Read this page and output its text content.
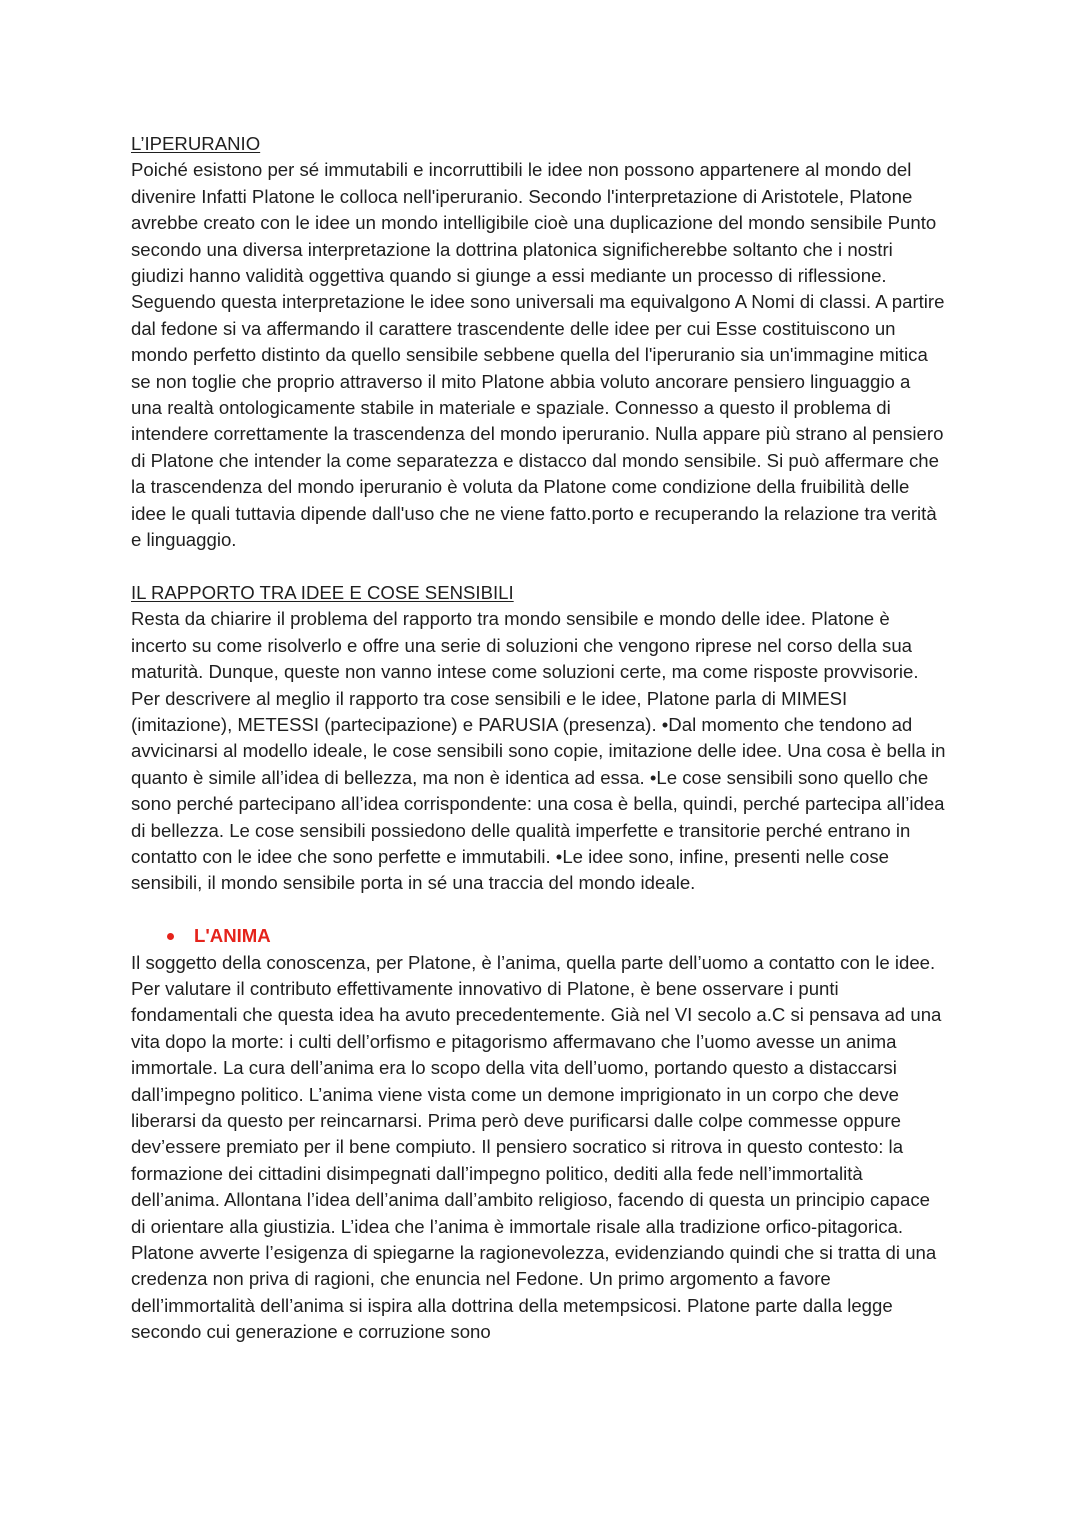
L’IPERURANIO

Poiché esistono per sé immutabili e incorruttibili le idee non possono appartenere al mondo del divenire Infatti Platone le colloca nell'iperuranio. Secondo l'interpretazione di Aristotele, Platone avrebbe creato con le idee un mondo intelligibile cioè una duplicazione del mondo sensibile Punto secondo una diversa interpretazione la dottrina platonica significherebbe soltanto che i nostri giudizi hanno validità oggettiva quando si giunge a essi mediante un processo di riflessione. Seguendo questa interpretazione le idee sono universali ma equivalgono A Nomi di classi. A partire dal fedone si va affermando il carattere trascendente delle idee per cui Esse costituiscono un mondo perfetto distinto da quello sensibile sebbene quella del l'iperuranio sia un'immagine mitica se non toglie che proprio attraverso il mito Platone abbia voluto ancorare pensiero linguaggio a una realtà ontologicamente stabile in materiale e spaziale. Connesso a questo il problema di intendere correttamente la trascendenza del mondo iperuranio. Nulla appare più strano al pensiero di Platone che intender la come separatezza e distacco dal mondo sensibile. Si può affermare che la trascendenza del mondo iperuranio è voluta da Platone come condizione della fruibilità delle idee le quali tuttavia dipende dall'uso che ne viene fatto.porto e recuperando la relazione tra verità e linguaggio.

IL RAPPORTO TRA IDEE E COSE SENSIBILI

Resta da chiarire il problema del rapporto tra mondo sensibile e mondo delle idee. Platone è incerto su come risolverlo e offre una serie di soluzioni che vengono riprese nel corso della sua maturità. Dunque, queste non vanno intese come soluzioni certe, ma come risposte provvisorie. Per descrivere al meglio il rapporto tra cose sensibili e le idee, Platone parla di MIMESI (imitazione), METESSI (partecipazione) e PARUSIA (presenza). •Dal momento che tendono ad avvicinarsi al modello ideale, le cose sensibili sono copie, imitazione delle idee. Una cosa è bella in quanto è simile all’idea di bellezza, ma non è identica ad essa. •Le cose sensibili sono quello che sono perché partecipano all’idea corrispondente: una cosa è bella, quindi, perché partecipa all’idea di bellezza. Le cose sensibili possiedono delle qualità imperfette e transitorie perché entrano in contatto con le idee che sono perfette e immutabili. •Le idee sono, infine, presenti nelle cose sensibili, il mondo sensibile porta in sé una traccia del mondo ideale.

L'ANIMA

Il soggetto della conoscenza, per Platone, è l’anima, quella parte dell’uomo a contatto con le idee. Per valutare il contributo effettivamente innovativo di Platone, è bene osservare i punti fondamentali che questa idea ha avuto precedentemente. Già nel VI secolo a.C si pensava ad una vita dopo la morte: i culti dell’orfismo e pitagorismo affermavano che l’uomo avesse un anima immortale. La cura dell’anima era lo scopo della vita dell’uomo, portando questo a distaccarsi dall’impegno politico. L’anima viene vista come un demone imprigionato in un corpo che deve liberarsi da questo per reincarnarsi. Prima però deve purificarsi dalle colpe commesse oppure dev’essere premiato per il bene compiuto. Il pensiero socratico si ritrova in questo contesto: la formazione dei cittadini disimpegnati dall’impegno politico, dediti alla fede nell’immortalità dell’anima. Allontana l’idea dell’anima dall’ambito religioso, facendo di questa un principio capace di orientare alla giustizia. L’idea che l’anima è immortale risale alla tradizione orfico-pitagorica. Platone avverte l’esigenza di spiegarne la ragionevolezza, evidenziando quindi che si tratta di una credenza non priva di ragioni, che enuncia nel Fedone. Un primo argomento a favore dell’immortalità dell’anima si ispira alla dottrina della metempsicosi. Platone parte dalla legge secondo cui generazione e corruzione sono
